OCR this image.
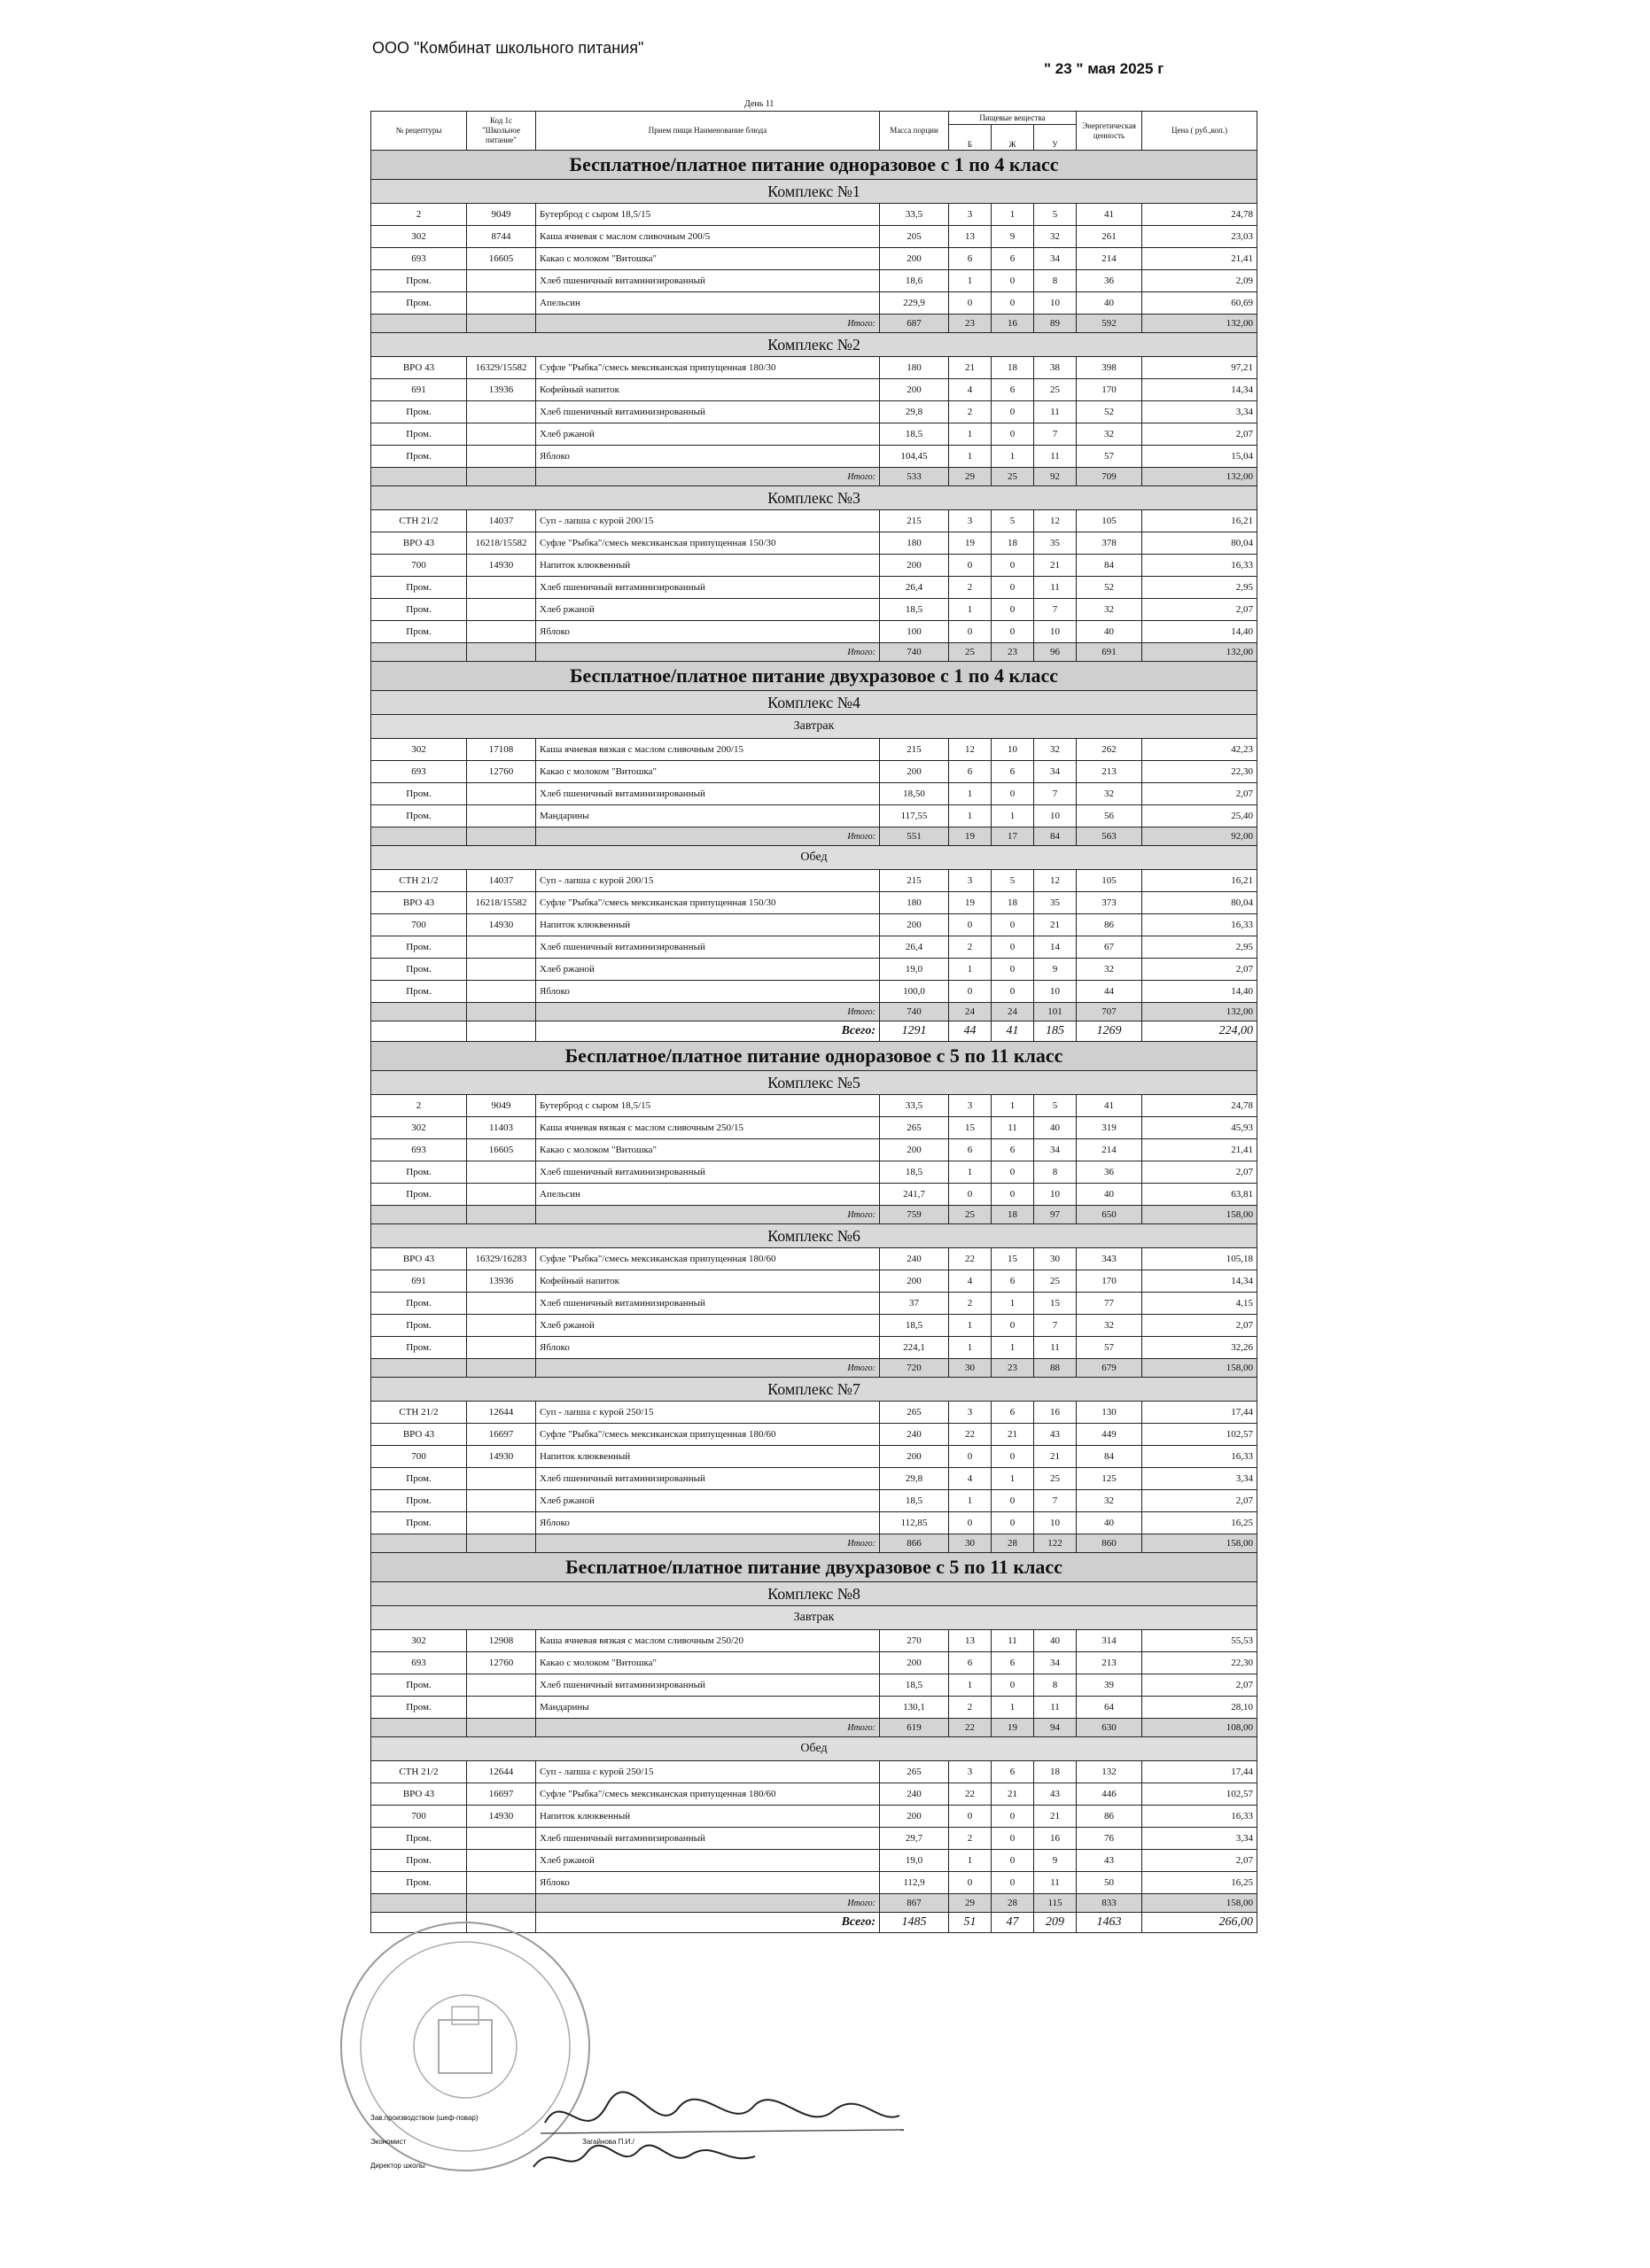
ООО "Комбинат школьного питания"
" 23 " мая 2025 г
День 11
№ рецептуры	Код 1с "Школьное питание"	Прием пищи Наименование блюда	Масса порции	Пищевые вещества			Энергетическая ценность	Цена ( руб.,коп.)
				Б	Ж	У		
Бесплатное/платное питание одноразовое с 1 по 4 класс								
Комплекс №1								
2	9049	Бутерброд с сыром 18,5/15	33,5	3	1	5	41	24,78
302	8744	Каша ячневая с маслом сливочным 200/5	205	13	9	32	261	23,03
693	16605	Какао с молоком "Витошка"	200	6	6	34	214	21,41
Пром.		Хлеб пшеничный витаминизированный	18,6	1	0	8	36	2,09
Пром.		Апельсин	229,9	0	0	10	40	60,69
		Итого:	687	23	16	89	592	132,00
Комплекс №2								
ВРО 43	16329/15582	Суфле "Рыбка"/смесь мексиканская припущенная 180/30	180	21	18	38	398	97,21
691	13936	Кофейный напиток	200	4	6	25	170	14,34
Пром.		Хлеб пшеничный витаминизированный	29,8	2	0	11	52	3,34
Пром.		Хлеб ржаной	18,5	1	0	7	32	2,07
Пром.		Яблоко	104,45	1	1	11	57	15,04
		Итого:	533	29	25	92	709	132,00
Комплекс №3								
СТН 21/2	14037	Суп - лапша с курой 200/15	215	3	5	12	105	16,21
ВРО 43	16218/15582	Суфле "Рыбка"/смесь мексиканская припущенная 150/30	180	19	18	35	378	80,04
700	14930	Напиток клюквенный	200	0	0	21	84	16,33
Пром.		Хлеб пшеничный витаминизированный	26,4	2	0	11	52	2,95
Пром.		Хлеб ржаной	18,5	1	0	7	32	2,07
Пром.		Яблоко	100	0	0	10	40	14,40
		Итого:	740	25	23	96	691	132,00
Бесплатное/платное питание двухразовое с 1 по 4 класс								
Комплекс №4								
Завтрак								
302	17108	Каша ячневая вязкая с маслом сливочным 200/15	215	12	10	32	262	42,23
693	12760	Какао с молоком "Витошка"	200	6	6	34	213	22,30
Пром.		Хлеб пшеничный витаминизированный	18,50	1	0	7	32	2,07
Пром.		Мандарины	117,55	1	1	10	56	25,40
		Итого:	551	19	17	84	563	92,00
Обед								
СТН 21/2	14037	Суп - лапша с курой 200/15	215	3	5	12	105	16,21
ВРО 43	16218/15582	Суфле "Рыбка"/смесь мексиканская припущенная 150/30	180	19	18	35	373	80,04
700	14930	Напиток клюквенный	200	0	0	21	86	16,33
Пром.		Хлеб пшеничный витаминизированный	26,4	2	0	14	67	2,95
Пром.		Хлеб ржаной	19,0	1	0	9	32	2,07
Пром.		Яблоко	100,0	0	0	10	44	14,40
		Итого:	740	24	24	101	707	132,00
		Всего:	1291	44	41	185	1269	224,00
Бесплатное/платное питание одноразовое с 5 по 11 класс								
Комплекс №5								
2	9049	Бутерброд с сыром 18,5/15	33,5	3	1	5	41	24,78
302	11403	Каша ячневая вязкая с маслом сливочным 250/15	265	15	11	40	319	45,93
693	16605	Какао с молоком "Витошка"	200	6	6	34	214	21,41
Пром.		Хлеб пшеничный витаминизированный	18,5	1	0	8	36	2,07
Пром.		Апельсин	241,7	0	0	10	40	63,81
		Итого:	759	25	18	97	650	158,00
Комплекс №6								
ВРО 43	16329/16283	Суфле "Рыбка"/смесь мексиканская припущенная 180/60	240	22	15	30	343	105,18
691	13936	Кофейный напиток	200	4	6	25	170	14,34
Пром.		Хлеб пшеничный витаминизированный	37	2	1	15	77	4,15
Пром.		Хлеб ржаной	18,5	1	0	7	32	2,07
Пром.		Яблоко	224,1	1	1	11	57	32,26
		Итого:	720	30	23	88	679	158,00
Комплекс №7								
СТН 21/2	12644	Суп - лапша с курой 250/15	265	3	6	16	130	17,44
ВРО 43	16697	Суфле "Рыбка"/смесь мексиканская припущенная 180/60	240	22	21	43	449	102,57
700	14930	Напиток клюквенный	200	0	0	21	84	16,33
Пром.		Хлеб пшеничный витаминизированный	29,8	4	1	25	125	3,34
Пром.		Хлеб ржаной	18,5	1	0	7	32	2,07
Пром.		Яблоко	112,85	0	0	10	40	16,25
		Итого:	866	30	28	122	860	158,00
Бесплатное/платное питание двухразовое с 5 по 11 класс								
Комплекс №8								
Завтрак								
302	12908	Каша ячневая вязкая с маслом сливочным 250/20	270	13	11	40	314	55,53
693	12760	Какао с молоком "Витошка"	200	6	6	34	213	22,30
Пром.		Хлеб пшеничный витаминизированный	18,5	1	0	8	39	2,07
Пром.		Мандарины	130,1	2	1	11	64	28,10
		Итого:	619	22	19	94	630	108,00
Обед								
СТН 21/2	12644	Суп - лапша с курой 250/15	265	3	6	18	132	17,44
ВРО 43	16697	Суфле "Рыбка"/смесь мексиканская припущенная 180/60	240	22	21	43	446	102,57
700	14930	Напиток клюквенный	200	0	0	21	86	16,33
Пром.		Хлеб пшеничный витаминизированный	29,7	2	0	16	76	3,34
Пром.		Хлеб ржаной	19,0	1	0	9	43	2,07
Пром.		Яблоко	112,9	0	0	11	50	16,25
		Итого:	867	29	28	115	833	158,00
		Всего:	1485	51	47	209	1463	266,00
Зав.производством (шеф-повар)
Экономист	Загайнова П.И./
Директор школы
